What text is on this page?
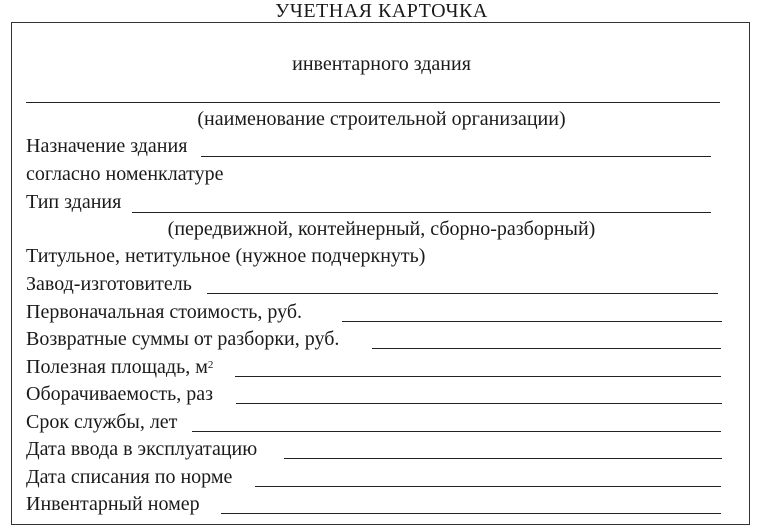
УЧЕТНАЯ КАРТОЧКА
инвентарного здания
(наименование строительной организации)
Назначение здания
согласно номенклатуре
Тип здания
(передвижной, контейнерный, сборно-разборный)
Титульное, нетитульное (нужное подчеркнуть)
Завод-изготовитель
Первоначальная стоимость, руб.
Возвратные суммы от разборки, руб.
Полезная площадь, $м^2$
Оборачиваемость, раз
Срок службы, лет
Дата ввода в эксплуатацию
Дата списания по норме
Инвентарный номер
